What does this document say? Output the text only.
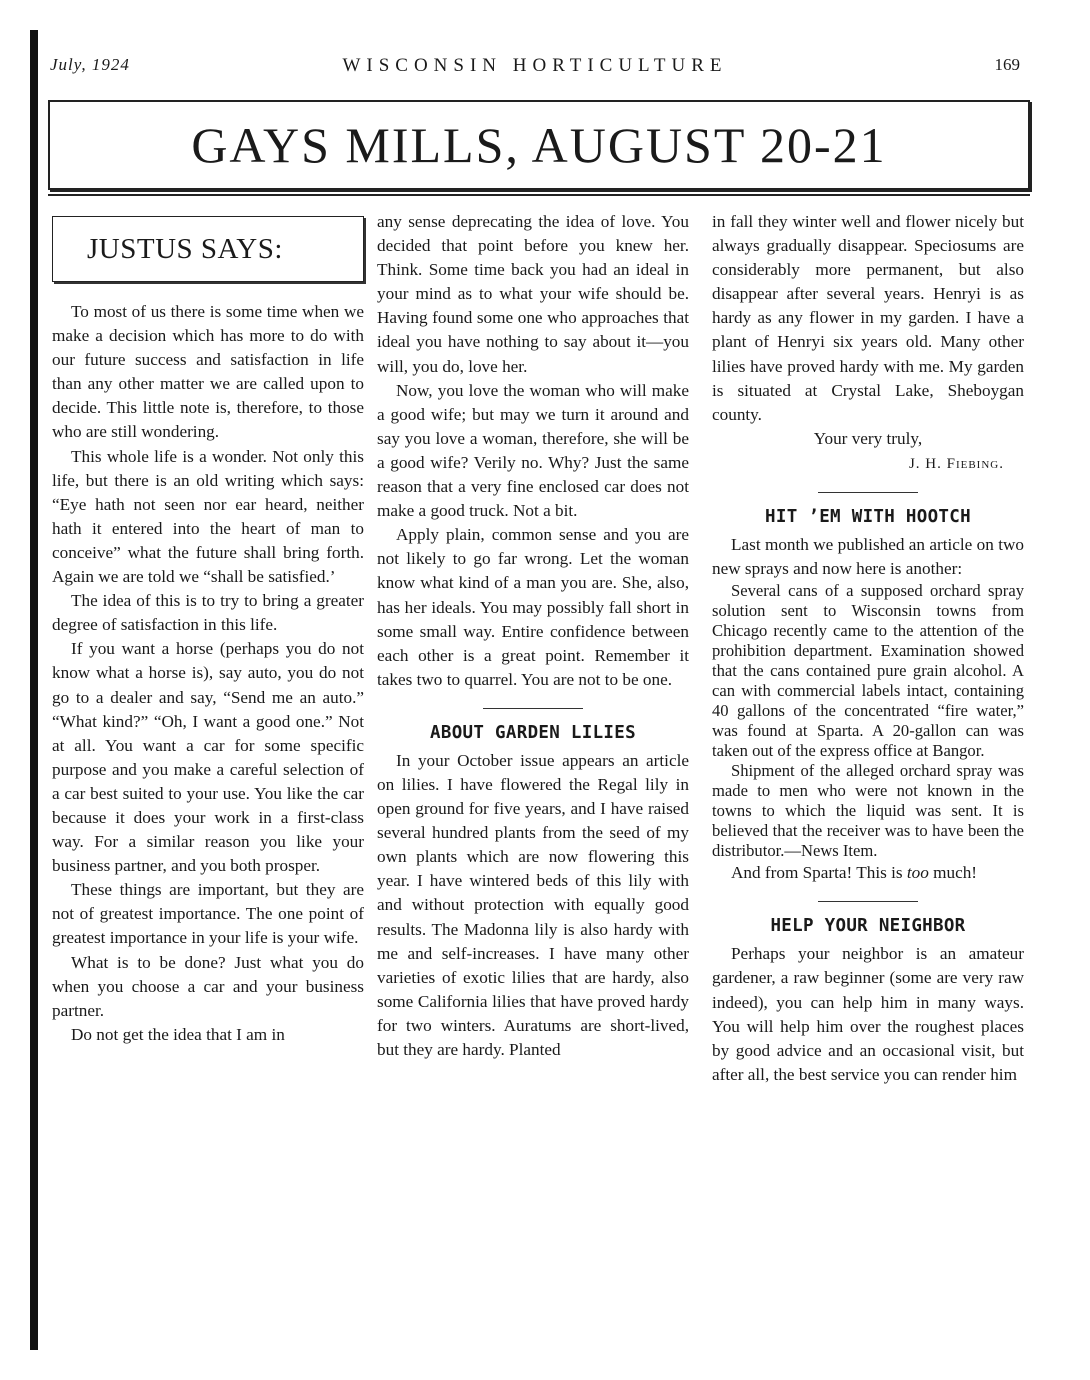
July, 1924	WISCONSIN HORTICULTURE	169
GAYS MILLS, AUGUST 20-21
JUSTUS SAYS:

To most of us there is some time when we make a decision which has more to do with our future success and satisfaction in life than any other matter we are called upon to decide. This little note is, therefore, to those who are still wondering.

This whole life is a wonder. Not only this life, but there is an old writing which says: “Eye hath not seen nor ear heard, neither hath it entered into the heart of man to conceive” what the future shall bring forth. Again we are told we “shall be satisfied.’

The idea of this is to try to bring a greater degree of satisfaction in this life.

If you want a horse (perhaps you do not know what a horse is), say auto, you do not go to a dealer and say, “Send me an auto.” “What kind?” “Oh, I want a good one.” Not at all. You want a car for some specific purpose and you make a careful selection of a car best suited to your use. You like the car because it does your work in a first-class way. For a similar reason you like your business partner, and you both prosper.

These things are important, but they are not of greatest importance. The one point of greatest importance in your life is your wife.

What is to be done? Just what you do when you choose a car and your business partner.

Do not get the idea that I am in

any sense deprecating the idea of love. You decided that point before you knew her. Think. Some time back you had an ideal in your mind as to what your wife should be. Having found some one who approaches that ideal you have nothing to say about it—you will, you do, love her.

Now, you love the woman who will make a good wife; but may we turn it around and say you love a woman, therefore, she will be a good wife? Verily no. Why? Just the same reason that a very fine enclosed car does not make a good truck. Not a bit.

Apply plain, common sense and you are not likely to go far wrong. Let the woman know what kind of a man you are. She, also, has her ideals. You may possibly fall short in some small way. Entire confidence between each other is a great point. Remember it takes two to quarrel. You are not to be one.

ABOUT GARDEN LILIES

In your October issue appears an article on lilies. I have flowered the Regal lily in open ground for five years, and I have raised several hundred plants from the seed of my own plants which are now flowering this year. I have wintered beds of this lily with and without protection with equally good results. The Madonna lily is also hardy with me and self-increases. I have many other varieties of exotic lilies that are hardy, also some California lilies that have proved hardy for two winters. Auratums are short-lived, but they are hardy. Planted

in fall they winter well and flower nicely but always gradually disappear. Speciosums are considerably more permanent, but also disappear after several years. Henryi is as hardy as any flower in my garden. I have a plant of Henryi six years old. Many other lilies have proved hardy with me. My garden is situated at Crystal Lake, Sheboygan county.

Your very truly,

J. H. Fiebing.

HIT ’EM WITH HOOTCH

Last month we published an article on two new sprays and now here is another:

Several cans of a supposed orchard spray solution sent to Wisconsin towns from Chicago recently came to the attention of the prohibition department. Examination showed that the cans contained pure grain alcohol. A can with commercial labels intact, containing 40 gallons of the concentrated “fire water,” was found at Sparta. A 20-gallon can was taken out of the express office at Bangor.

Shipment of the alleged orchard spray was made to men who were not known in the towns to which the liquid was sent. It is believed that the receiver was to have been the distributor.—News Item.

And from Sparta! This is too much!

HELP YOUR NEIGHBOR

Perhaps your neighbor is an amateur gardener, a raw beginner (some are very raw indeed), you can help him in many ways. You will help him over the roughest places by good advice and an occasional visit, but after all, the best service you can render him
